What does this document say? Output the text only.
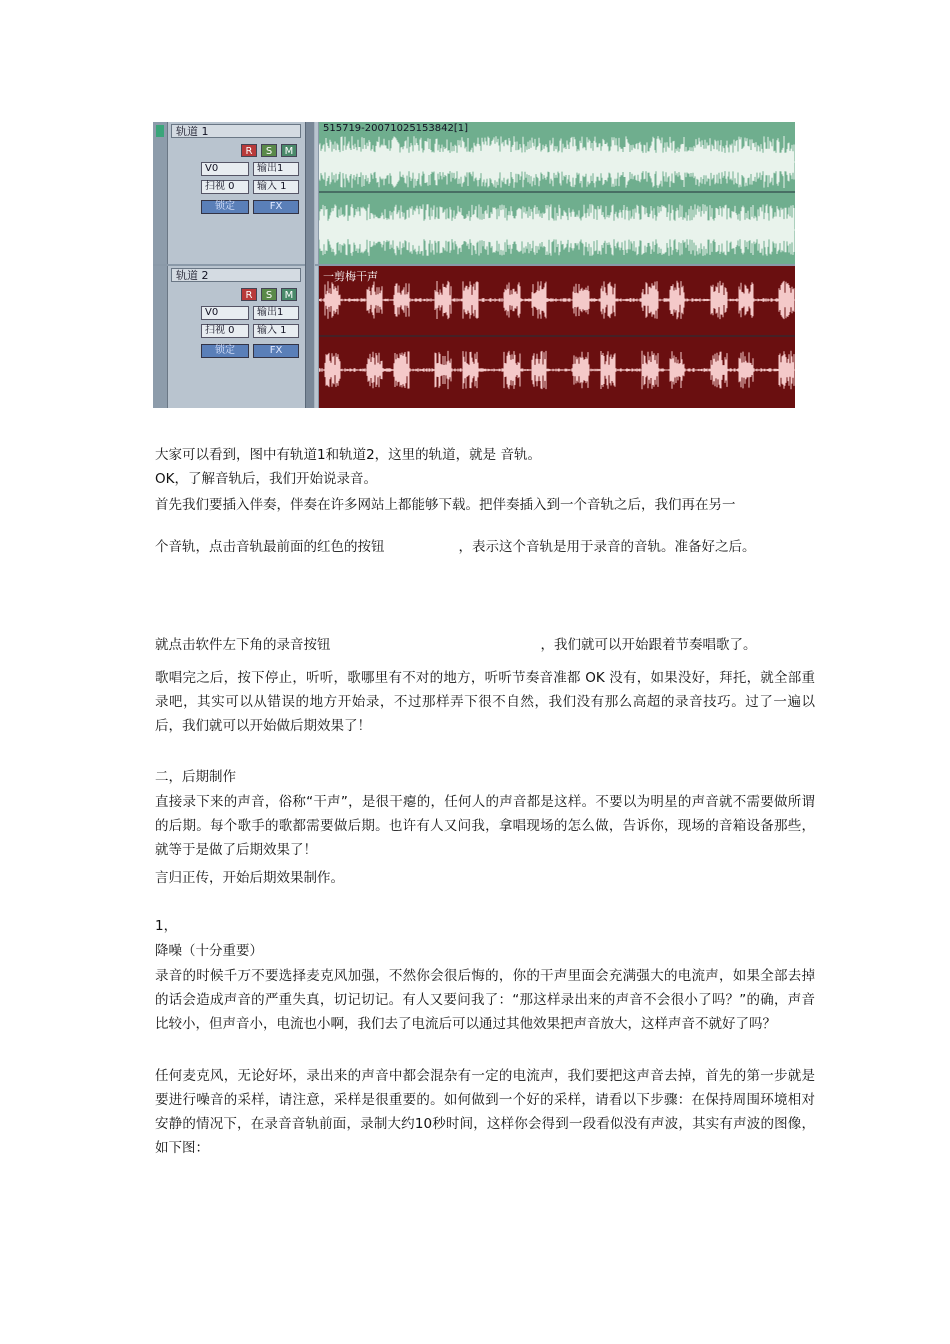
轨道 1
R	S	M
V0	输出1
扫视 0	输入 1
锁定	FX
轨道 2
R	S	M
V0	输出1
扫视 0	输入 1
锁定	FX
515719-20071025153842[1]
一剪梅干声

大家可以看到，图中有轨道1和轨道2，这里的轨道，就是 音轨。

OK，了解音轨后，我们开始说录音。

首先我们要插入伴奏，伴奏在许多网站上都能够下载。把伴奏插入到一个音轨之后，我们再在另一

个音轨，点击音轨最前面的红色的按钮	，表示这个音轨是用于录音的音轨。准备好之后。

就点击软件左下角的录音按钮	，我们就可以开始跟着节奏唱歌了。

歌唱完之后，按下停止，听听，歌哪里有不对的地方，听听节奏音准都 OK 没有，如果没好，拜托，就全部重录吧，其实可以从错误的地方开始录，不过那样弄下很不自然，我们没有那么高超的录音技巧。过了一遍以后，我们就可以开始做后期效果了！

二，后期制作

直接录下来的声音，俗称“干声”，是很干瘪的，任何人的声音都是这样。不要以为明星的声音就不需要做所谓的后期。每个歌手的歌都需要做后期。也许有人又问我，拿唱现场的怎么做，告诉你，现场的音箱设备那些，就等于是做了后期效果了！

言归正传，开始后期效果制作。

1，

降噪（十分重要）

录音的时候千万不要选择麦克风加强，不然你会很后悔的，你的干声里面会充满强大的电流声，如果全部去掉的话会造成声音的严重失真，切记切记。有人又要问我了：“那这样录出来的声音不会很小了吗？”的确，声音比较小，但声音小，电流也小啊，我们去了电流后可以通过其他效果把声音放大，这样声音不就好了吗？

任何麦克风，无论好坏，录出来的声音中都会混杂有一定的电流声，我们要把这声音去掉，首先的第一步就是要进行噪音的采样，请注意，采样是很重要的。如何做到一个好的采样，请看以下步骤：在保持周围环境相对安静的情况下，在录音音轨前面，录制大约10秒时间，这样你会得到一段看似没有声波，其实有声波的图像，如下图：
